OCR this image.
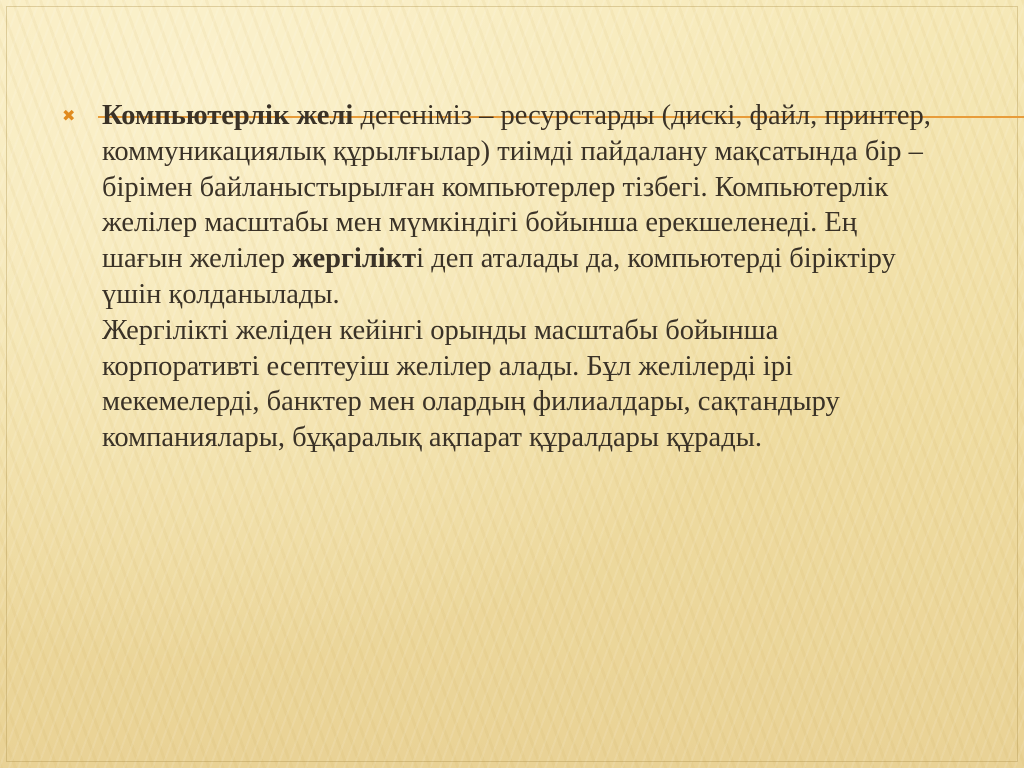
✖ Компьютерлік желі дегеніміз – ресурстарды (дискі, файл, принтер, коммуникациялық құрылғылар) тиімді пайдалану мақсатында бір – бірімен байланыстырылған компьютерлер тізбегі. Компьютерлік желілер масштабы мен мүмкіндігі бойынша ерекшеленеді. Ең шағын желілер жергілікті деп аталады да, компьютерді біріктіру үшін қолданылады.

Жергілікті желіден кейінгі орынды масштабы бойынша корпоративті есептеуіш желілер алады. Бұл желілерді ірі мекемелерді, банктер мен олардың филиалдары, сақтандыру компаниялары, бұқаралық ақпарат құралдары құрады.
